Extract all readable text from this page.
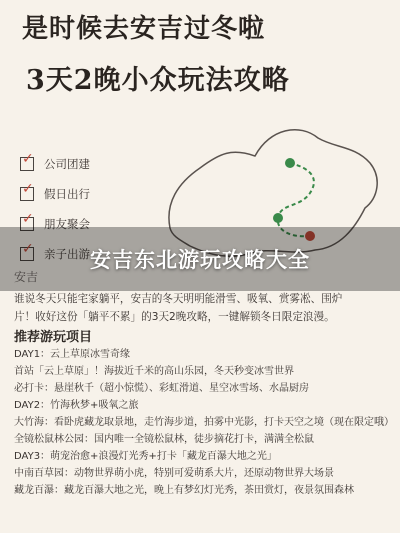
是时候去安吉过冬啦
3天2晚小众玩法攻略
✓ 公司团建
✓ 假日出行
✓ 朋友聚会
✓ 亲子出游
安吉
谁说冬天只能宅家躺平，安吉的冬天明明能滑雪、吸氧、赏雾凇、围炉
片！收好这份「躺平不累」的3天2晚攻略，一键解锁冬日限定浪漫。
推荐游玩项目
DAY1：云上草原冰雪奇缘
首站「云上草原」！海拔近千米的高山乐园，冬天秒变冰雪世界
必打卡：悬崖秋千（超小惊慌）、彩虹滑道、星空冰雪场、水晶厨房
DAY2：竹海秋梦+吸氧之旅
大竹海：看卧虎藏龙取景地，走竹海步道，拍雾中光影，打卡天空之境（现在限定哦）
全镜松鼠林公园：国内唯一全镜松鼠林，徒步摘花打卡，满满全松鼠
DAY3：萌宠治愈+浪漫灯光秀+打卡「藏龙百瀑大地之光」
中南百草园：动物世界萌小虎，特别可爱萌系大片，还原动物世界大场景
藏龙百瀑：藏龙百瀑大地之光，晚上有梦幻灯光秀，茶田赏灯，夜景氛围森林
安吉东北游玩攻略大全
